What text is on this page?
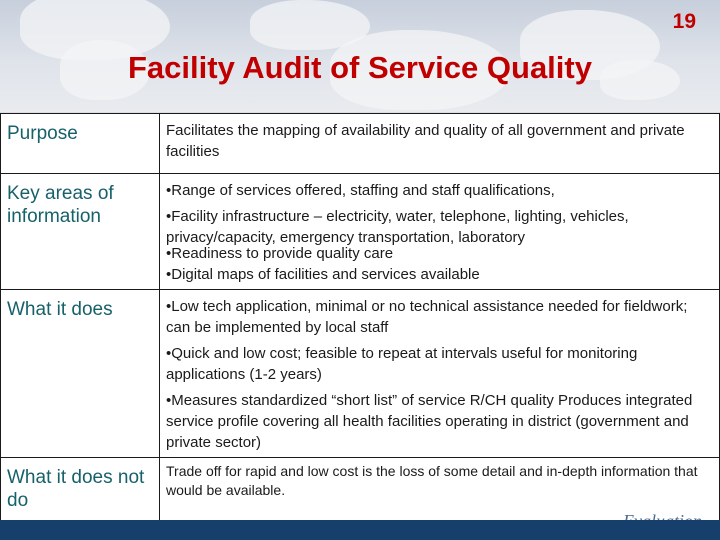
19
Facility Audit of Service Quality
Purpose	Facilitates the mapping of availability and quality of all government and private facilities

Key areas of information	•Range of services offered, staffing and staff qualifications,

•Facility infrastructure – electricity, water, telephone, lighting, vehicles, privacy/capacity, emergency transportation, laboratory

•Readiness to provide quality care

•Digital maps of facilities and services available

What it does	•Low tech application, minimal or no technical assistance needed for fieldwork; can be implemented by local staff

•Quick and low cost; feasible to repeat at intervals useful for monitoring applications (1-2 years)

•Measures standardized “short list” of service R/CH quality Produces integrated service profile covering all health facilities operating in district (government and private sector)

What it does not do	Trade off for rapid and low cost is the loss of some detail and in-depth information that would be available.
